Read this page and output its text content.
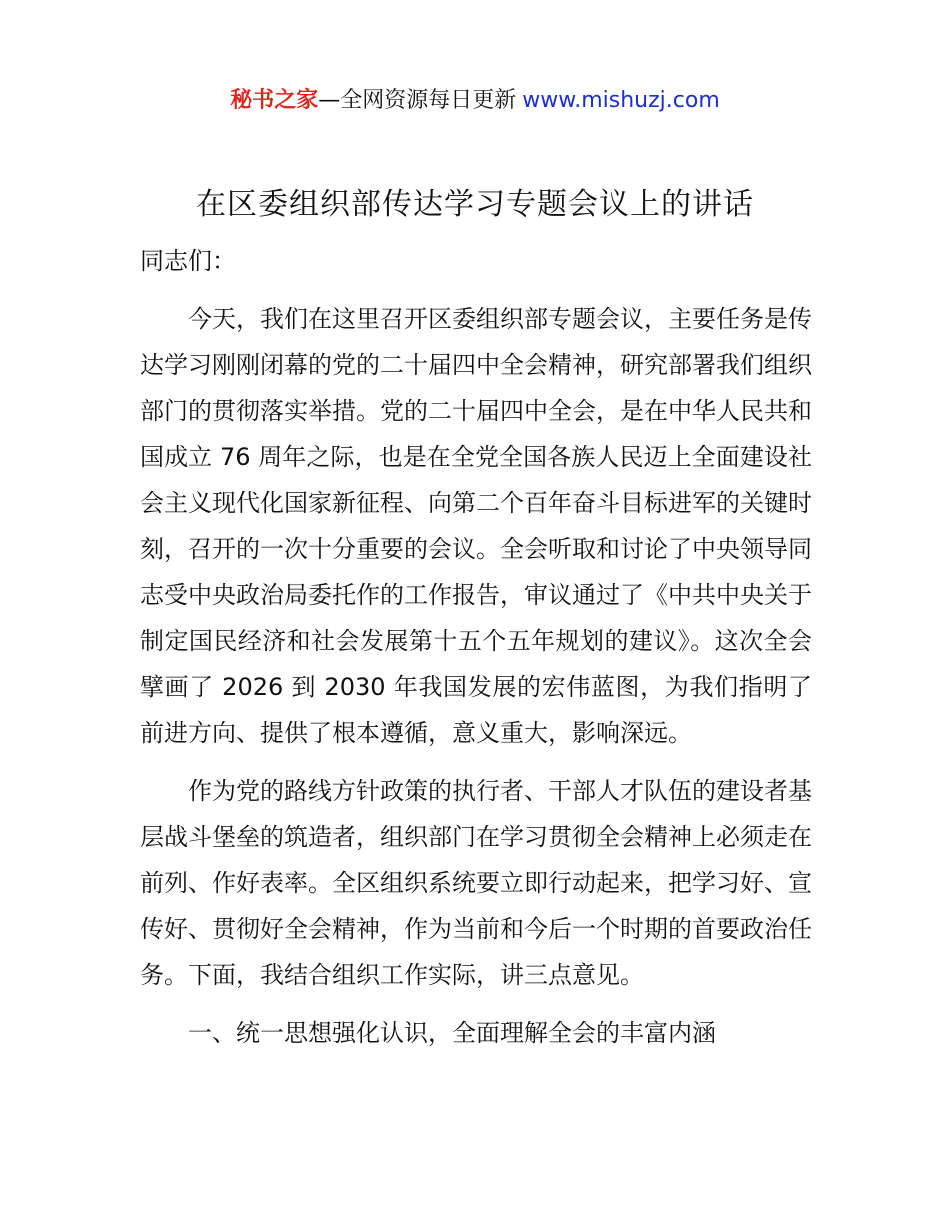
秘书之家—全网资源每日更新 www.mishuzj.com
在区委组织部传达学习专题会议上的讲话

同志们：

今天，我们在这里召开区委组织部专题会议，主要任务是传达学习刚刚闭幕的党的二十届四中全会精神，研究部署我们组织部门的贯彻落实举措。党的二十届四中全会，是在中华人民共和国成立 76 周年之际，也是在全党全国各族人民迈上全面建设社会主义现代化国家新征程、向第二个百年奋斗目标进军的关键时刻，召开的一次十分重要的会议。全会听取和讨论了中央领导同志受中央政治局委托作的工作报告，审议通过了《中共中央关于制定国民经济和社会发展第十五个五年规划的建议》。这次全会擘画了 2026 到 2030 年我国发展的宏伟蓝图，为我们指明了前进方向、提供了根本遵循，意义重大，影响深远。

作为党的路线方针政策的执行者、干部人才队伍的建设者基层战斗堡垒的筑造者，组织部门在学习贯彻全会精神上必须走在前列、作好表率。全区组织系统要立即行动起来，把学习好、宣传好、贯彻好全会精神，作为当前和今后一个时期的首要政治任务。下面，我结合组织工作实际，讲三点意见。

一、统一思想强化认识，全面理解全会的丰富内涵
